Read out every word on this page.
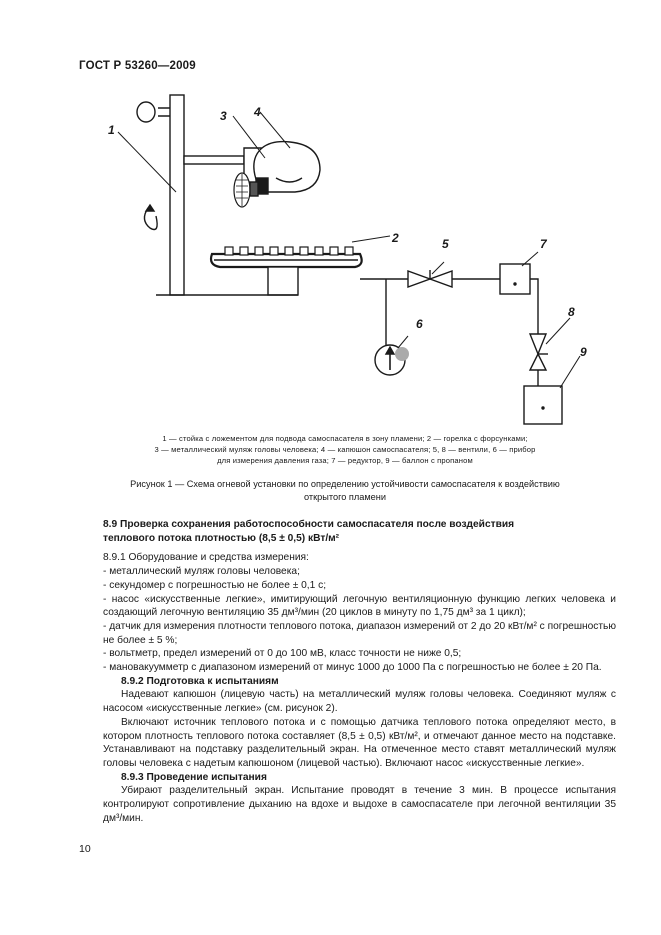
ГОСТ Р 53260—2009
1
2
3 4
5
6
7
8
9
1 — стойка с ложементом для подвода самоспасателя в зону пламени; 2 — горелка с форсунками;
3 — металлический муляж головы человека; 4 — капюшон самоспасателя; 5, 8 — вентили, 6 — прибор
для измерения давления газа; 7 — редуктор, 9 — баллон с пропаном
Рисунок 1 — Схема огневой установки по определению устойчивости самоспасателя к воздействию
открытого пламени

8.9 Проверка сохранения работоспособности самоспасателя после воздействия

теплового потока плотностью (8,5 ± 0,5) кВт/м²

8.9.1 Оборудование и средства измерения:

- металлический муляж головы человека;

- секундомер с погрешностью не более ± 0,1 с;

- насос «искусственные легкие», имитирующий легочную вентиляционную функцию легких человека и создающий легочную вентиляцию 35 дм³/мин (20 циклов в минуту по 1,75 дм³ за 1 цикл);

- датчик для измерения плотности теплового потока, диапазон измерений от 2 до 20 кВт/м² с погрешностью не более ± 5 %;

- вольтметр, предел измерений от 0 до 100 мВ, класс точности не ниже 0,5;

- мановакуумметр с диапазоном измерений от минус 1000 до 1000 Па с погрешностью не более ± 20 Па.

8.9.2 Подготовка к испытаниям

Надевают капюшон (лицевую часть) на металлический муляж головы человека. Соединяют муляж с насосом «искусственные легкие» (см. рисунок 2).

Включают источник теплового потока и с помощью датчика теплового потока определяют место, в котором плотность теплового потока составляет (8,5 ± 0,5) кВт/м², и отмечают данное место на подставке. Устанавливают на подставку разделительный экран. На отмеченное место ставят металлический муляж головы человека с надетым капюшоном (лицевой частью). Включают насос «искусственные легкие».

8.9.3 Проведение испытания

Убирают разделительный экран. Испытание проводят в течение 3 мин. В процессе испытания контролируют сопротивление дыханию на вдохе и выдохе в самоспасателе при легочной вентиляции 35 дм³/мин.

10
